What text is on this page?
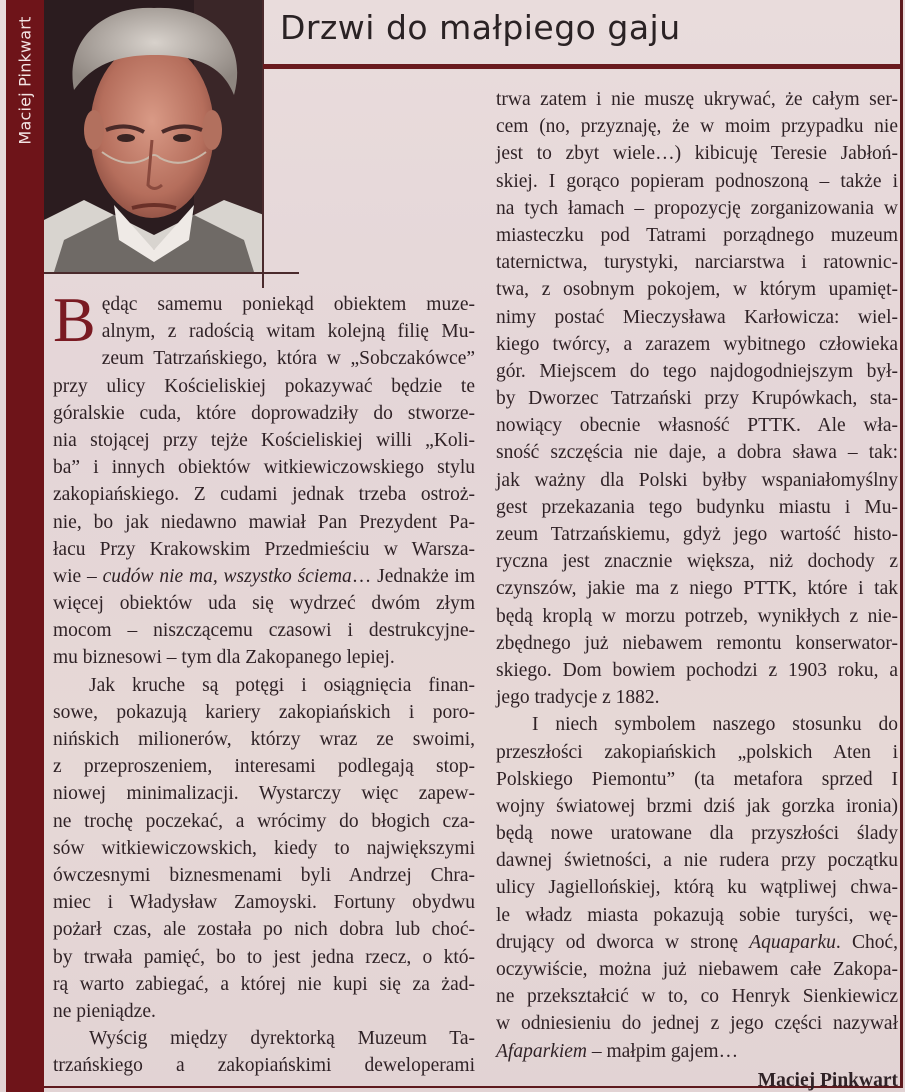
Maciej Pinkwart	Drzwi do małpiego gaju
B ędąc samemu poniekąd obiektem muze-
alnym, z radością witam kolejną filię Mu-
zeum Tatrzańskiego, która w „Sobczakówce”
przy ulicy Kościeliskiej pokazywać będzie te
góralskie cuda, które doprowadziły do stworze-
nia stojącej przy tejże Kościeliskiej willi „Koli-
ba” i innych obiektów witkiewiczowskiego stylu
zakopiańskiego. Z cudami jednak trzeba ostroż-
nie, bo jak niedawno mawiał Pan Prezydent Pa-
łacu Przy Krakowskim Przedmieściu w Warsza-
wie – cudów nie ma, wszystko ściema… Jednakże im
więcej obiektów uda się wydrzeć dwóm złym
mocom – niszczącemu czasowi i destrukcyjne-
mu biznesowi – tym dla Zakopanego lepiej.
Jak kruche są potęgi i osiągnięcia finan-
sowe, pokazują kariery zakopiańskich i poro-
nińskich milionerów, którzy wraz ze swoimi,
z przeproszeniem, interesami podlegają stop-
niowej minimalizacji. Wystarczy więc zapew-
ne trochę poczekać, a wrócimy do błogich cza-
sów witkiewiczowskich, kiedy to największymi
ówczesnymi biznesmenami byli Andrzej Chra-
miec i Władysław Zamoyski. Fortuny obydwu
pożarł czas, ale została po nich dobra lub choć-
by trwała pamięć, bo to jest jedna rzecz, o któ-
rą warto zabiegać, a której nie kupi się za żad-
ne pieniądze.
Wyścig między dyrektorką Muzeum Ta-
trzańskiego a zakopiańskimi deweloperami
trwa zatem i nie muszę ukrywać, że całym ser-
cem (no, przyznaję, że w moim przypadku nie
jest to zbyt wiele…) kibicuję Teresie Jabłoń-
skiej. I gorąco popieram podnoszoną – także i
na tych łamach – propozycję zorganizowania w
miasteczku pod Tatrami porządnego muzeum
taternictwa, turystyki, narciarstwa i ratownic-
twa, z osobnym pokojem, w którym upamięt-
nimy postać Mieczysława Karłowicza: wiel-
kiego twórcy, a zarazem wybitnego człowieka
gór. Miejscem do tego najdogodniejszym był-
by Dworzec Tatrzański przy Krupówkach, sta-
nowiący obecnie własność PTTK. Ale wła-
sność szczęścia nie daje, a dobra sława – tak:
jak ważny dla Polski byłby wspaniałomyślny
gest przekazania tego budynku miastu i Mu-
zeum Tatrzańskiemu, gdyż jego wartość histo-
ryczna jest znacznie większa, niż dochody z
czynszów, jakie ma z niego PTTK, które i tak
będą kroplą w morzu potrzeb, wynikłych z nie-
zbędnego już niebawem remontu konserwator-
skiego. Dom bowiem pochodzi z 1903 roku, a
jego tradycje z 1882.
I niech symbolem naszego stosunku do
przeszłości zakopiańskich „polskich Aten i
Polskiego Piemontu” (ta metafora sprzed I
wojny światowej brzmi dziś jak gorzka ironia)
będą nowe uratowane dla przyszłości ślady
dawnej świetności, a nie rudera przy początku
ulicy Jagiellońskiej, którą ku wątpliwej chwa-
le władz miasta pokazują sobie turyści, wę-
drujący od dworca w stronę Aquaparku. Choć,
oczywiście, można już niebawem całe Zakopa-
ne przekształcić w to, co Henryk Sienkiewicz
w odniesieniu do jednej z jego części nazywał
Afaparkiem – małpim gajem…
Maciej Pinkwart
